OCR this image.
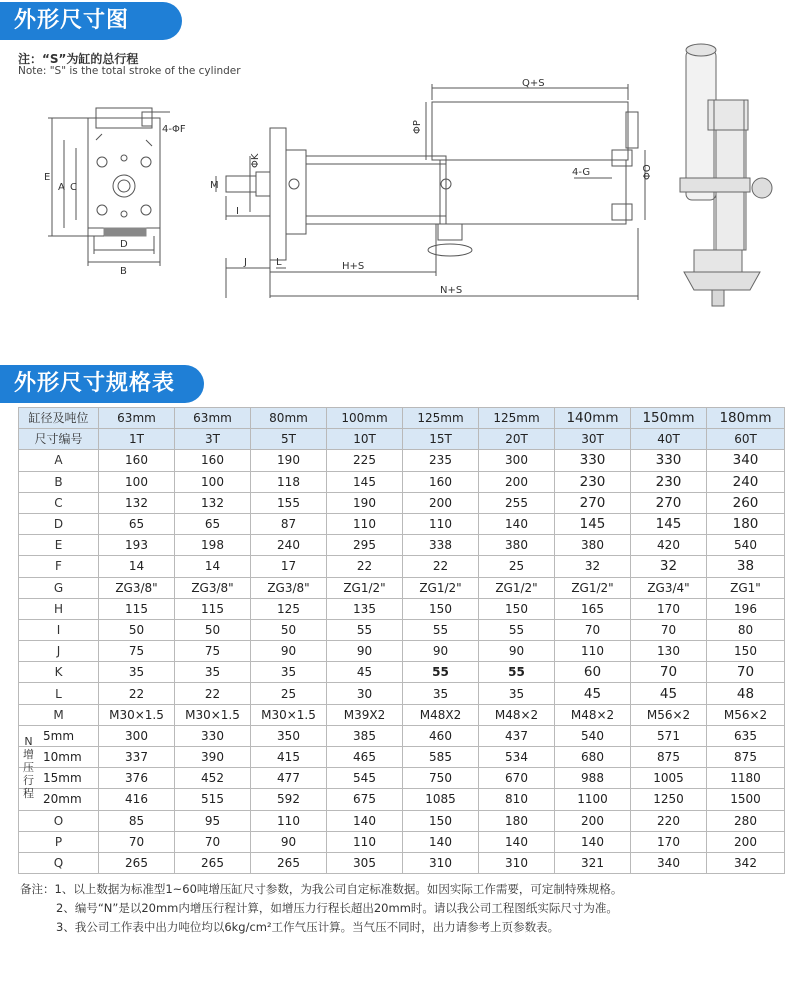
外形尺寸图
注：“S”为缸的总行程
Note: "S" is the total stroke of the cylinder
4-ΦF
E
A C
D
B
Q+S
ΦP
ΦK
M
I
J	L	H+S
N+S
4-G	ΦO
外形尺寸规格表
缸径及吨位	63mm	63mm	80mm	100mm	125mm	125mm	140mm	150mm	180mm
尺寸编号	1T	3T	5T	10T	15T	20T	30T	40T	60T
A	160	160	190	225	235	300	330	330	340
B	100	100	118	145	160	200	230	230	240
C	132	132	155	190	200	255	270	270	260
D	65	65	87	110	110	140	145	145	180
E	193	198	240	295	338	380	380	420	540
F	14	14	17	22	22	25	32	32	38
G	ZG3/8"	ZG3/8"	ZG3/8"	ZG1/2"	ZG1/2"	ZG1/2"	ZG1/2"	ZG3/4"	ZG1"
H	115	115	125	135	150	150	165	170	196
I	50	50	50	55	55	55	70	70	80
J	75	75	90	90	90	90	110	130	150
K	35	35	35	45	55	55	60	70	70
L	22	22	25	30	35	35	45	45	48
M	M30×1.5	M30×1.5	M30×1.5	M39X2	M48X2	M48×2	M48×2	M56×2	M56×2
5mm	300	330	350	385	460	437	540	571	635
10mm	337	390	415	465	585	534	680	875	875
15mm	376	452	477	545	750	670	988	1005	1180
20mm	416	515	592	675	1085	810	1100	1250	1500
O	85	95	110	140	150	180	200	220	280
P	70	70	90	110	140	140	140	170	200
Q	265	265	265	305	310	310	321	340	342
备注：1、以上数据为标准型1~60吨增压缸尺寸参数，为我公司自定标准数据。如因实际工作需要，可定制特殊规格。
2、编号“N”是以20mm内增压行程计算，如增压力行程长超出20mm时。请以我公司工程图纸实际尺寸为准。
3、我公司工作表中出力吨位均以6kg/cm²工作气压计算。当气压不同时，出力请参考上页参数表。
N增压行程
